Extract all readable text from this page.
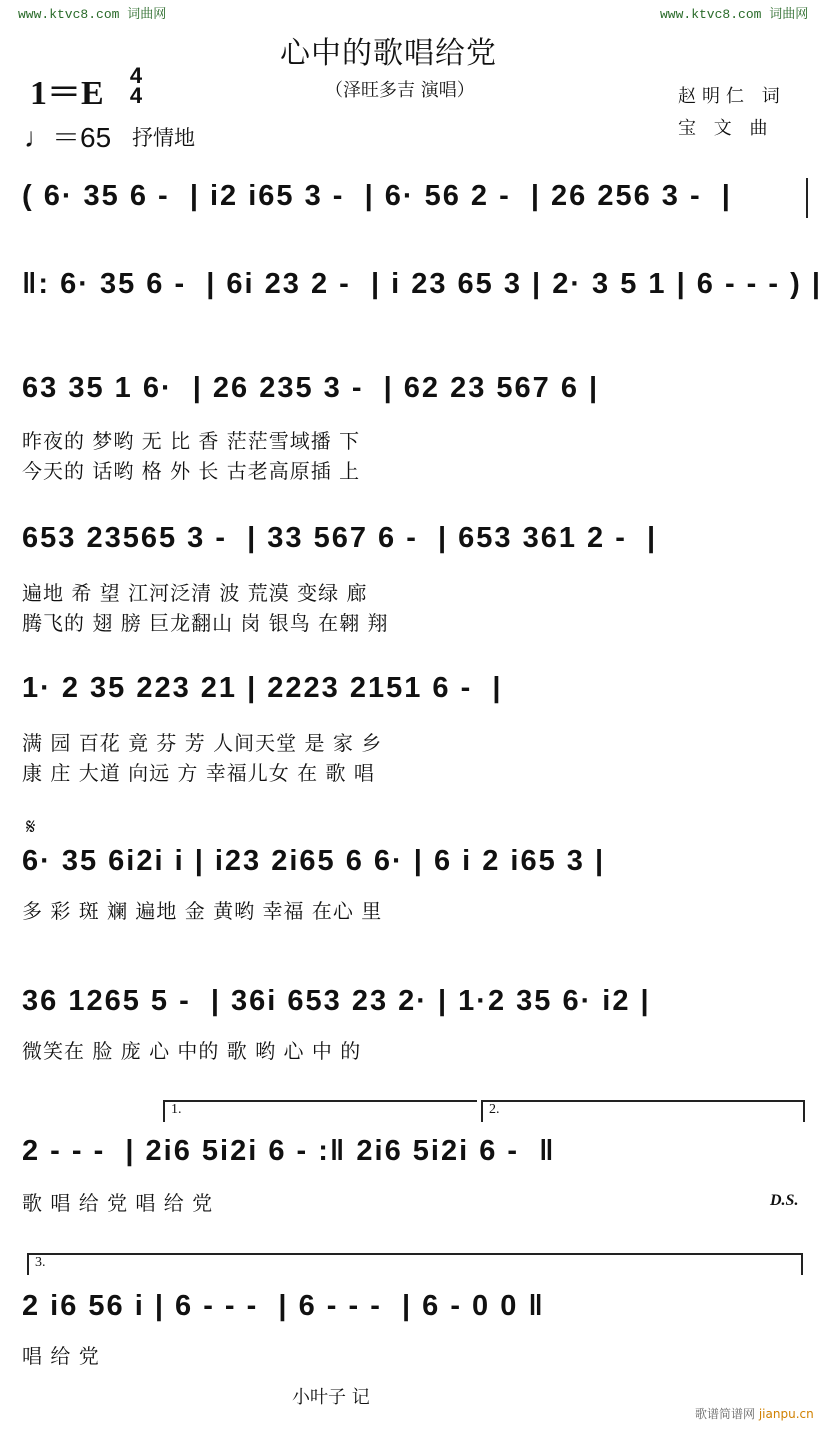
www.ktvc8.com 词曲网	www.ktvc8.com 词曲网
心中的歌唱给党
（泽旺多吉 演唱）
1＝E 4
4
♩＝65 抒情地
赵明仁 词
宝 文 曲
( 6· 35 6 -  | i2 i65 3 -  | 6· 56 2 -  | 26 256 3 -  |
‖: 6· 35 6 -  | 6i 23 2 -  | i 23 65 3 | 2· 3 5 1 | 6 - - - ) |
63 35 1 6·  | 26 235 3 -  | 62 23 567 6 |
昨夜的 梦哟 无 比 香 茫茫雪域播 下
今天的 话哟 格 外 长 古老高原插 上
653 23565 3 -  | 33 567 6 -  | 653 361 2 -  |
遍地 希 望 江河泛清 波 荒漠 变绿 廊
腾飞的 翅 膀 巨龙翻山 岗 银鸟 在翱 翔
1· 2 35 223 21 | 2223 2151 6 -  |
满 园 百花 竟 芬 芳 人间天堂 是 家 乡
康 庄 大道 向远 方 幸福儿女 在 歌 唱
𝄋
6· 35 6i2i i | i23 2i65 6 6· | 6 i 2 i65 3 |
多 彩 斑 斓 遍地 金 黄哟 幸福 在心 里
36 1265 5 -  | 36i 653 23 2· | 1·2 35 6· i2 |
微笑在 脸 庞 心 中的 歌 哟 心 中 的
1.	2.
2 - - -  | 2i6 5i2i 6 - :‖ 2i6 5i2i 6 -  ‖
歌 唱 给 党 唱 给 党	D.S.
3.
2 i6 56 i | 6 - - -  | 6 - - -  | 6 - 0 0 ‖
唱 给 党
小叶子 记
歌谱简谱网 jianpu.cn
